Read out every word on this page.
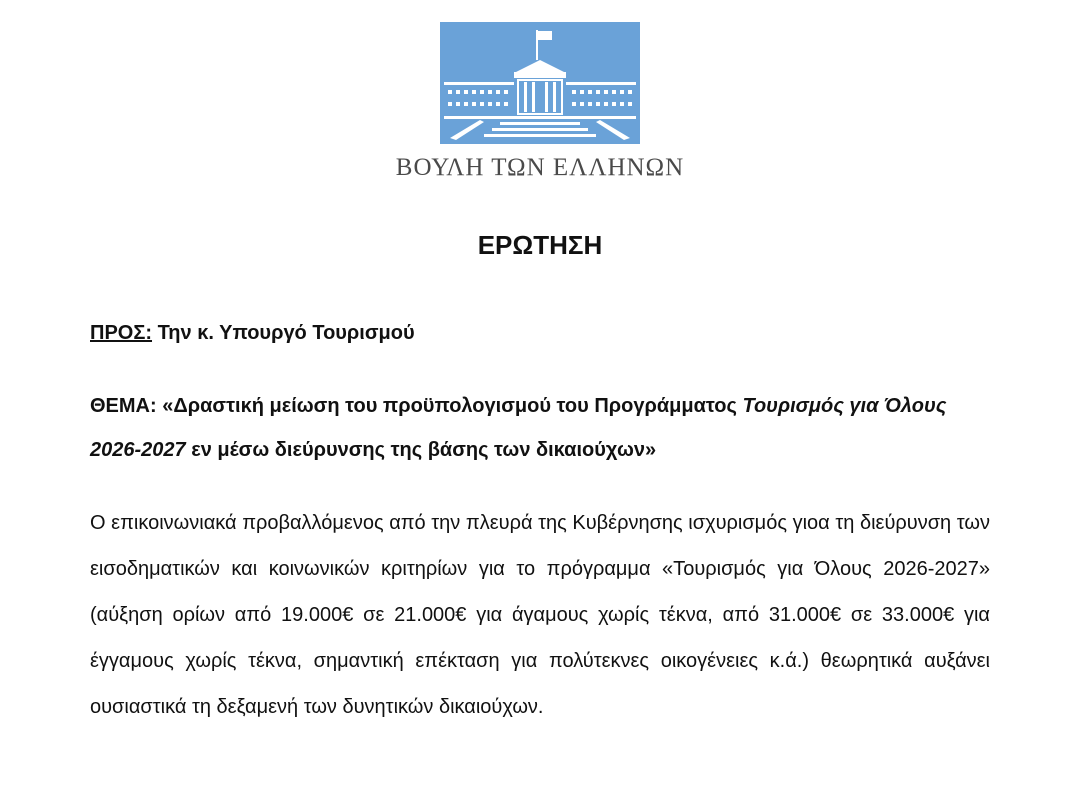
ΒΟΥΛΗ ΤΩΝ ΕΛΛΗΝΩΝ
ΕΡΩΤΗΣΗ
ΠΡΟΣ: Την κ. Υπουργό Τουρισμού
ΘΕΜΑ: «Δραστική μείωση του προϋπολογισμού του Προγράμματος Τουρισμός για Όλους 2026-2027 εν μέσω διεύρυνσης της βάσης των δικαιούχων»
Ο επικοινωνιακά προβαλλόμενος από την πλευρά της Κυβέρνησης ισχυρισμός γιοα τη διεύρυνση των εισοδηματικών και κοινωνικών κριτηρίων για το πρόγραμμα «Τουρισμός για Όλους 2026-2027» (αύξηση ορίων από 19.000€ σε 21.000€ για άγαμους χωρίς τέκνα, από 31.000€ σε 33.000€ για έγγαμους χωρίς τέκνα, σημαντική επέκταση για πολύτεκνες οικογένειες κ.ά.) θεωρητικά αυξάνει ουσιαστικά τη δεξαμενή των δυνητικών δικαιούχων.
